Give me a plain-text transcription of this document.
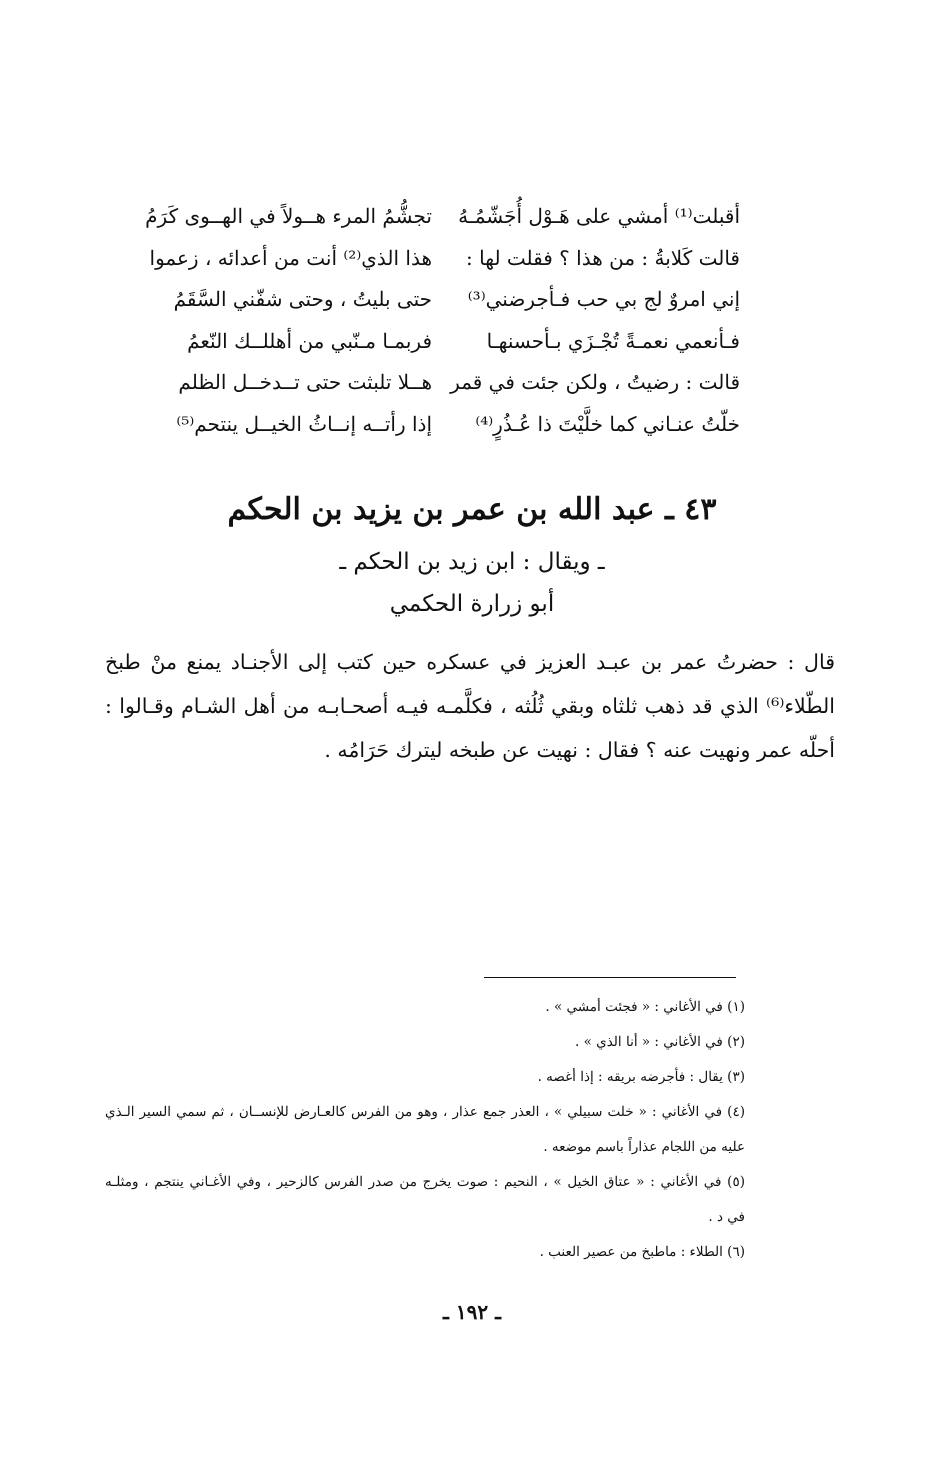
أقبلت⁽¹⁾ أمشي على هَـوْل أُجَشّمُـهُ
تجشُّمُ المرء هــولاً في الهــوى كَرَمُ
قالت كَلابةُ : من هذا ؟ فقلت لها :
هذا الذي⁽²⁾ أنت من أعدائه ، زعموا
إني امروٌ لج بي حب فـأجرضني⁽³⁾
حتى بليتُ ، وحتى شفّني السَّقَمُ
فـأنعمي نعمـةً تُجْـزَي بـأحسنهـا
فربمـا مـنّبي من أهللــك النّعمُ
قالت : رضيتُ ، ولكن جئت في قمر
هــلا تلبثت حتى تــدخــل الظلم
خلّتُ عنـاني كما خلَّيْتَ ذا عُـذُرٍ⁽⁴⁾
إذا رأتــه إنــاثُ الخيــل ينتحم⁽⁵⁾
٤٣ ـ عبد الله بن عمر بن يزيد بن الحكم
ـ ويقال : ابن زيد بن الحكم ـ
أبو زرارة الحكمي
قال : حضرتُ عمر بن عبـد العزيز في عسكره حين كتب إلى الأجنـاد يمنع منْ طبخ
الطّلاء⁽⁶⁾ الذي قد ذهب ثلثاه وبقي ثُلُثه ، فكلَّمـه فيـه أصحـابـه من أهل الشـام وقـالوا :
أحلّه عمر ونهيت عنه ؟ فقال : نهيت عن طبخه ليترك حَرَامُه .
(١) في الأغاني : « فجئت أمشي » .
(٢) في الأغاني : « أنا الذي » .
(٣) يقال : فأجرضه بريقه : إذا أغصه .
(٤) في الأغاني : « خلت سبيلي » ، العذر جمع عذار ، وهو من الفرس كالعـارض للإنســان ، ثم سمي السير الـذي
عليه من اللجام عذاراً باسم موضعه .
(٥) في الأغاني : « عتاق الخيل » ، النحيم : صوت يخرج من صدر الفرس كالزحير ، وفي الأغـاني ينتجم ، ومثلـه
في د .
(٦) الطلاء : ماطبخ من عصير العنب .
ـ ١٩٢ ـ
